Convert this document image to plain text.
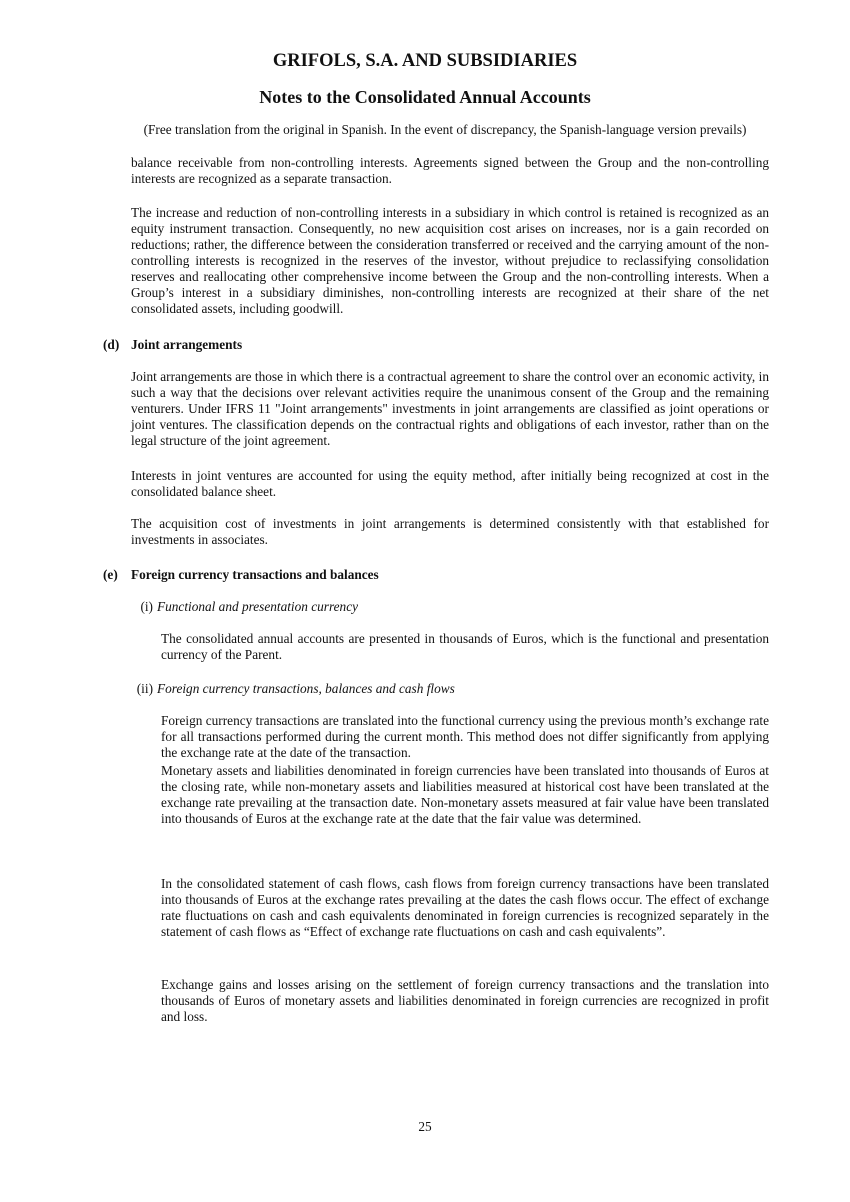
GRIFOLS, S.A. AND SUBSIDIARIES
Notes to the Consolidated Annual Accounts
(Free translation from the original in Spanish. In the event of discrepancy, the Spanish-language version prevails)

balance receivable from non-controlling interests. Agreements signed between the Group and the non-controlling interests are recognized as a separate transaction.

The increase and reduction of non-controlling interests in a subsidiary in which control is retained is recognized as an equity instrument transaction. Consequently, no new acquisition cost arises on increases, nor is a gain recorded on reductions; rather, the difference between the consideration transferred or received and the carrying amount of the non-controlling interests is recognized in the reserves of the investor, without prejudice to reclassifying consolidation reserves and reallocating other comprehensive income between the Group and the non-controlling interests. When a Group’s interest in a subsidiary diminishes, non-controlling interests are recognized at their share of the net consolidated assets, including goodwill.

(d) Joint arrangements

Joint arrangements are those in which there is a contractual agreement to share the control over an economic activity, in such a way that the decisions over relevant activities require the unanimous consent of the Group and the remaining venturers. Under IFRS 11 "Joint arrangements" investments in joint arrangements are classified as joint operations or joint ventures. The classification depends on the contractual rights and obligations of each investor, rather than on the legal structure of the joint agreement.

Interests in joint ventures are accounted for using the equity method, after initially being recognized at cost in the consolidated balance sheet.

The acquisition cost of investments in joint arrangements is determined consistently with that established for investments in associates.

(e) Foreign currency transactions and balances
(i) Functional and presentation currency

The consolidated annual accounts are presented in thousands of Euros, which is the functional and presentation currency of the Parent.

(ii) Foreign currency transactions, balances and cash flows

Foreign currency transactions are translated into the functional currency using the previous month’s exchange rate for all transactions performed during the current month. This method does not differ significantly from applying the exchange rate at the date of the transaction.

Monetary assets and liabilities denominated in foreign currencies have been translated into thousands of Euros at the closing rate, while non-monetary assets and liabilities measured at historical cost have been translated at the exchange rate prevailing at the transaction date. Non-monetary assets measured at fair value have been translated into thousands of Euros at the exchange rate at the date that the fair value was determined.

In the consolidated statement of cash flows, cash flows from foreign currency transactions have been translated into thousands of Euros at the exchange rates prevailing at the dates the cash flows occur. The effect of exchange rate fluctuations on cash and cash equivalents denominated in foreign currencies is recognized separately in the statement of cash flows as “Effect of exchange rate fluctuations on cash and cash equivalents”.

Exchange gains and losses arising on the settlement of foreign currency transactions and the translation into thousands of Euros of monetary assets and liabilities denominated in foreign currencies are recognized in profit and loss.

25
